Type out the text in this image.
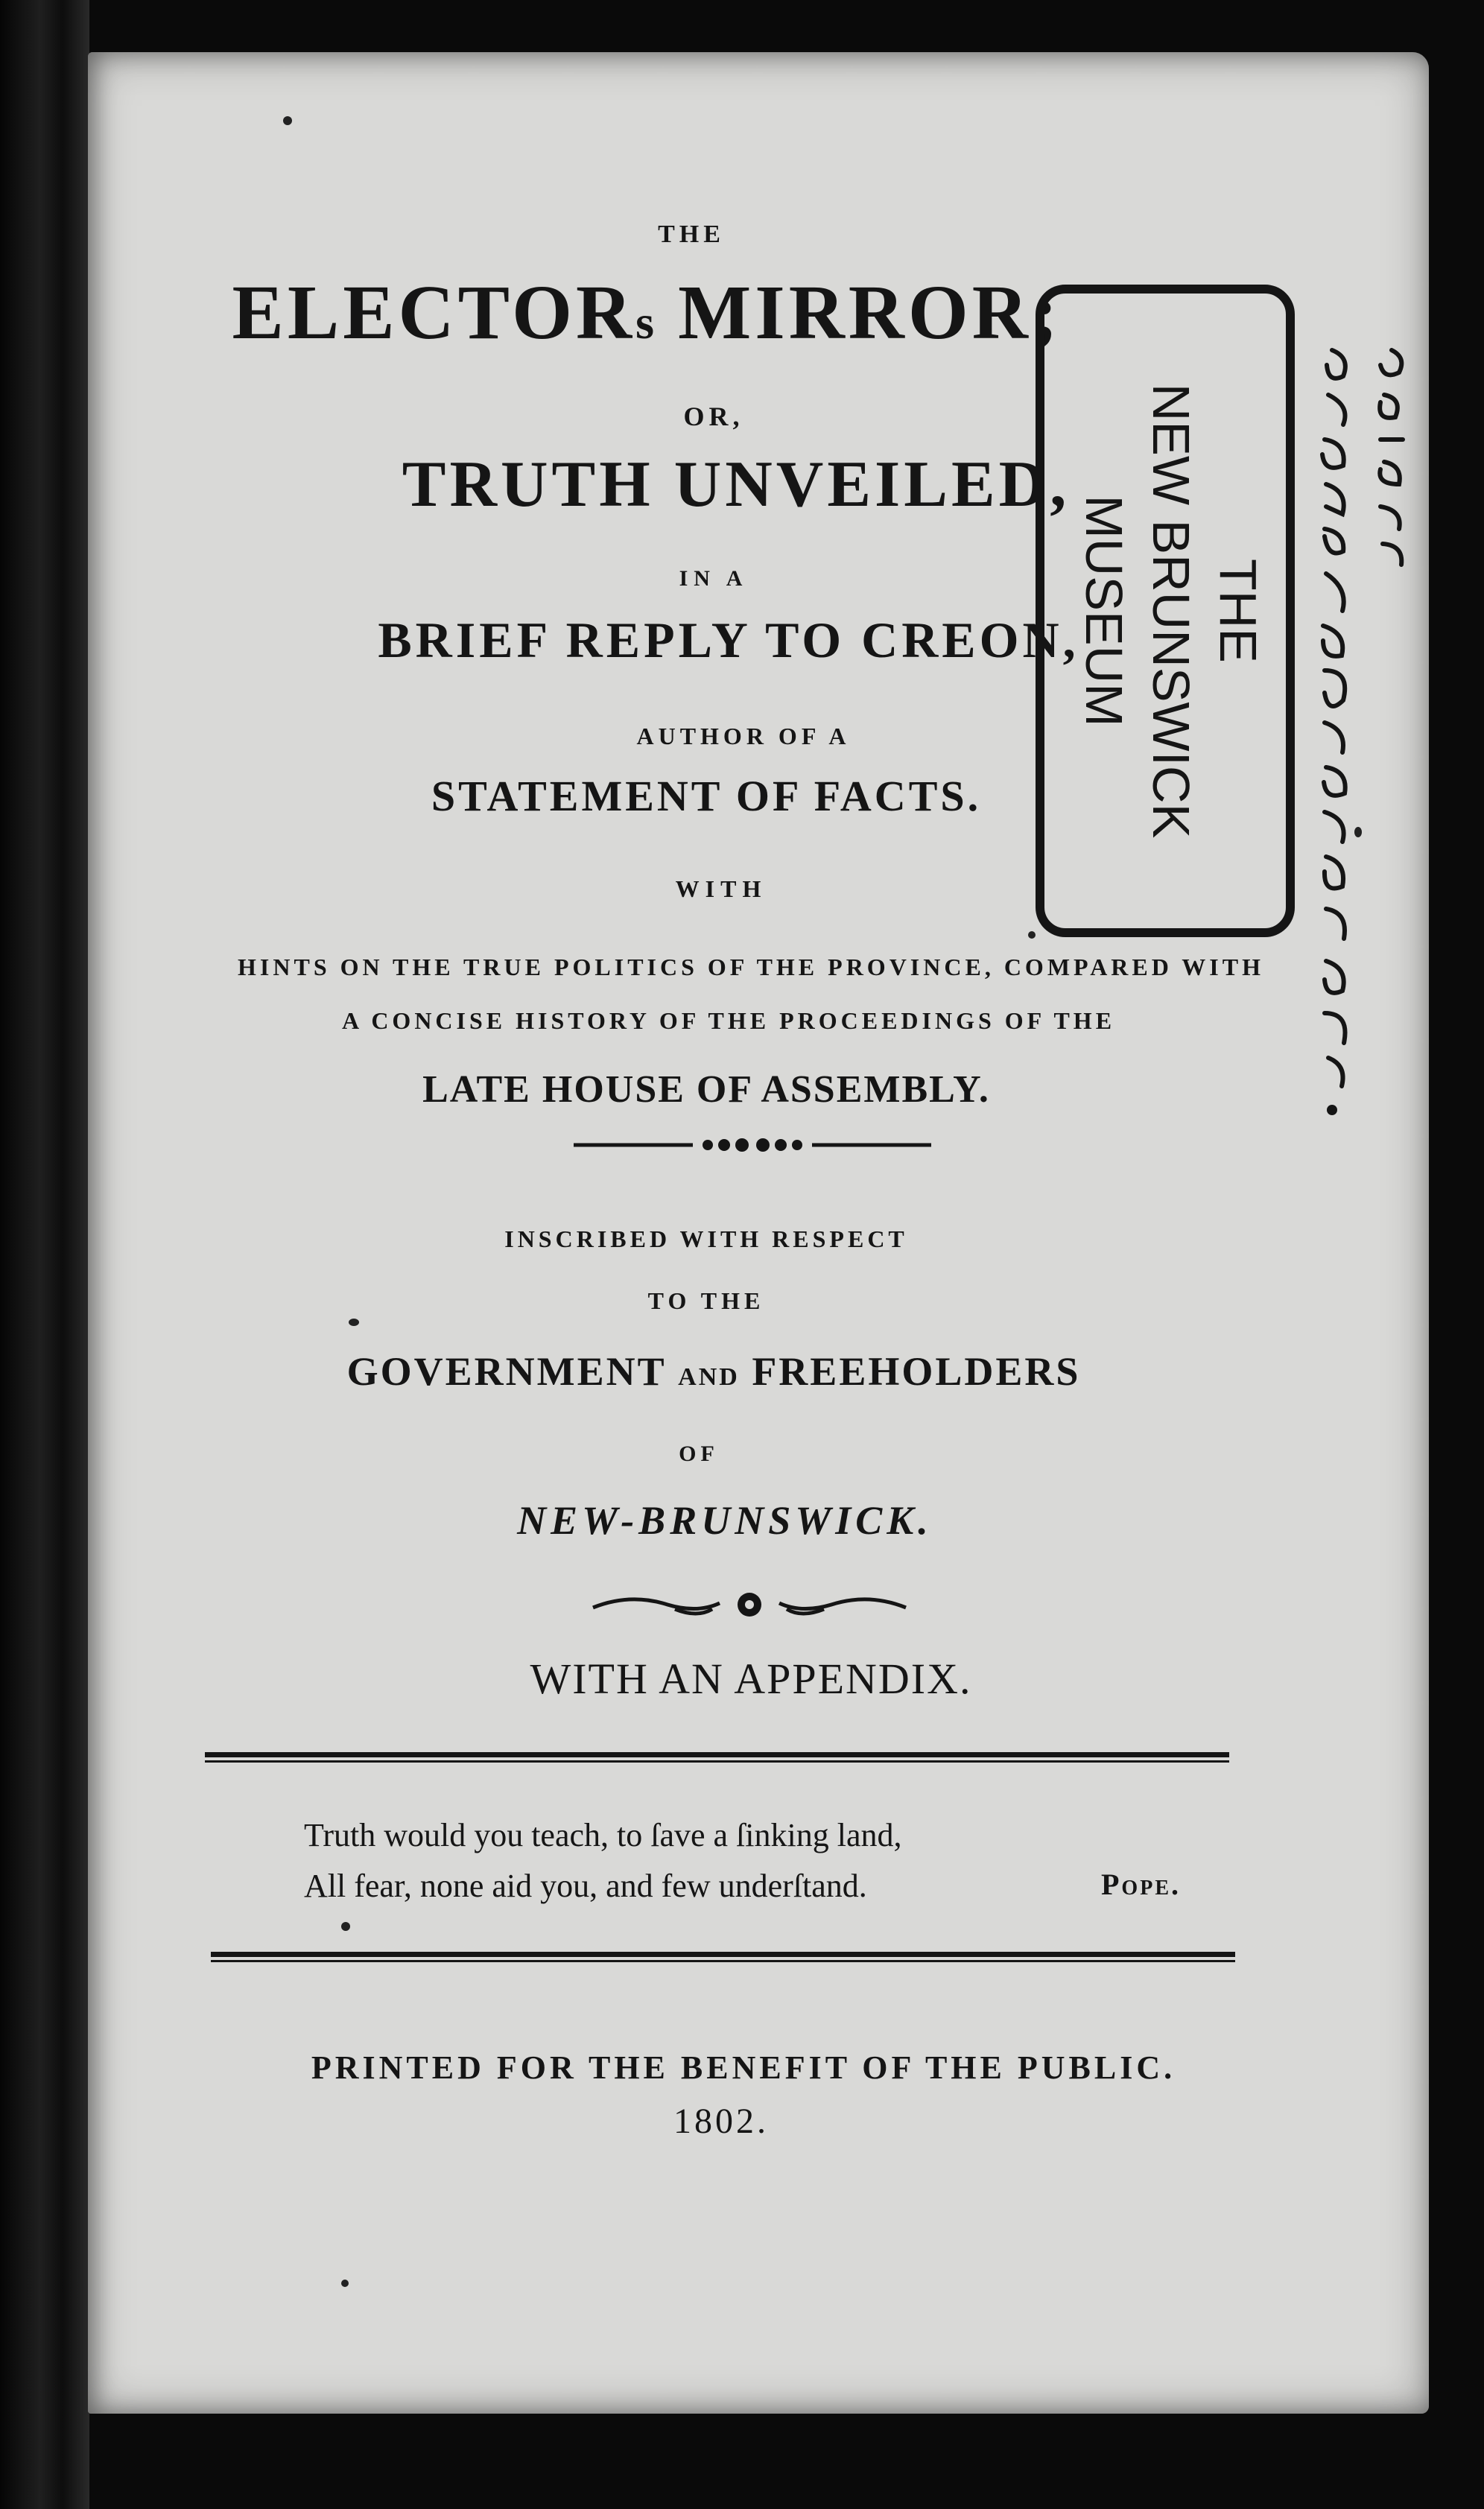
THE
ELECTORs MIRROR;
OR,
TRUTH UNVEILED,
IN A
BRIEF REPLY TO CREON,
AUTHOR OF A
STATEMENT OF FACTS.
WITH
HINTS ON THE TRUE POLITICS OF THE PROVINCE, COMPARED WITH
A CONCISE HISTORY OF THE PROCEEDINGS OF THE
LATE HOUSE OF ASSEMBLY.
INSCRIBED WITH RESPECT
TO THE
GOVERNMENT AND FREEHOLDERS
OF
NEW-BRUNSWICK.
WITH AN APPENDIX.
Truth would you teach, to ſave a ſinking land,
All fear, none aid you, and few underſtand.	Pope.
PRINTED FOR THE BENEFIT OF THE PUBLIC.
1802.
THE
NEW BRUNSWICK
MUSEUM
